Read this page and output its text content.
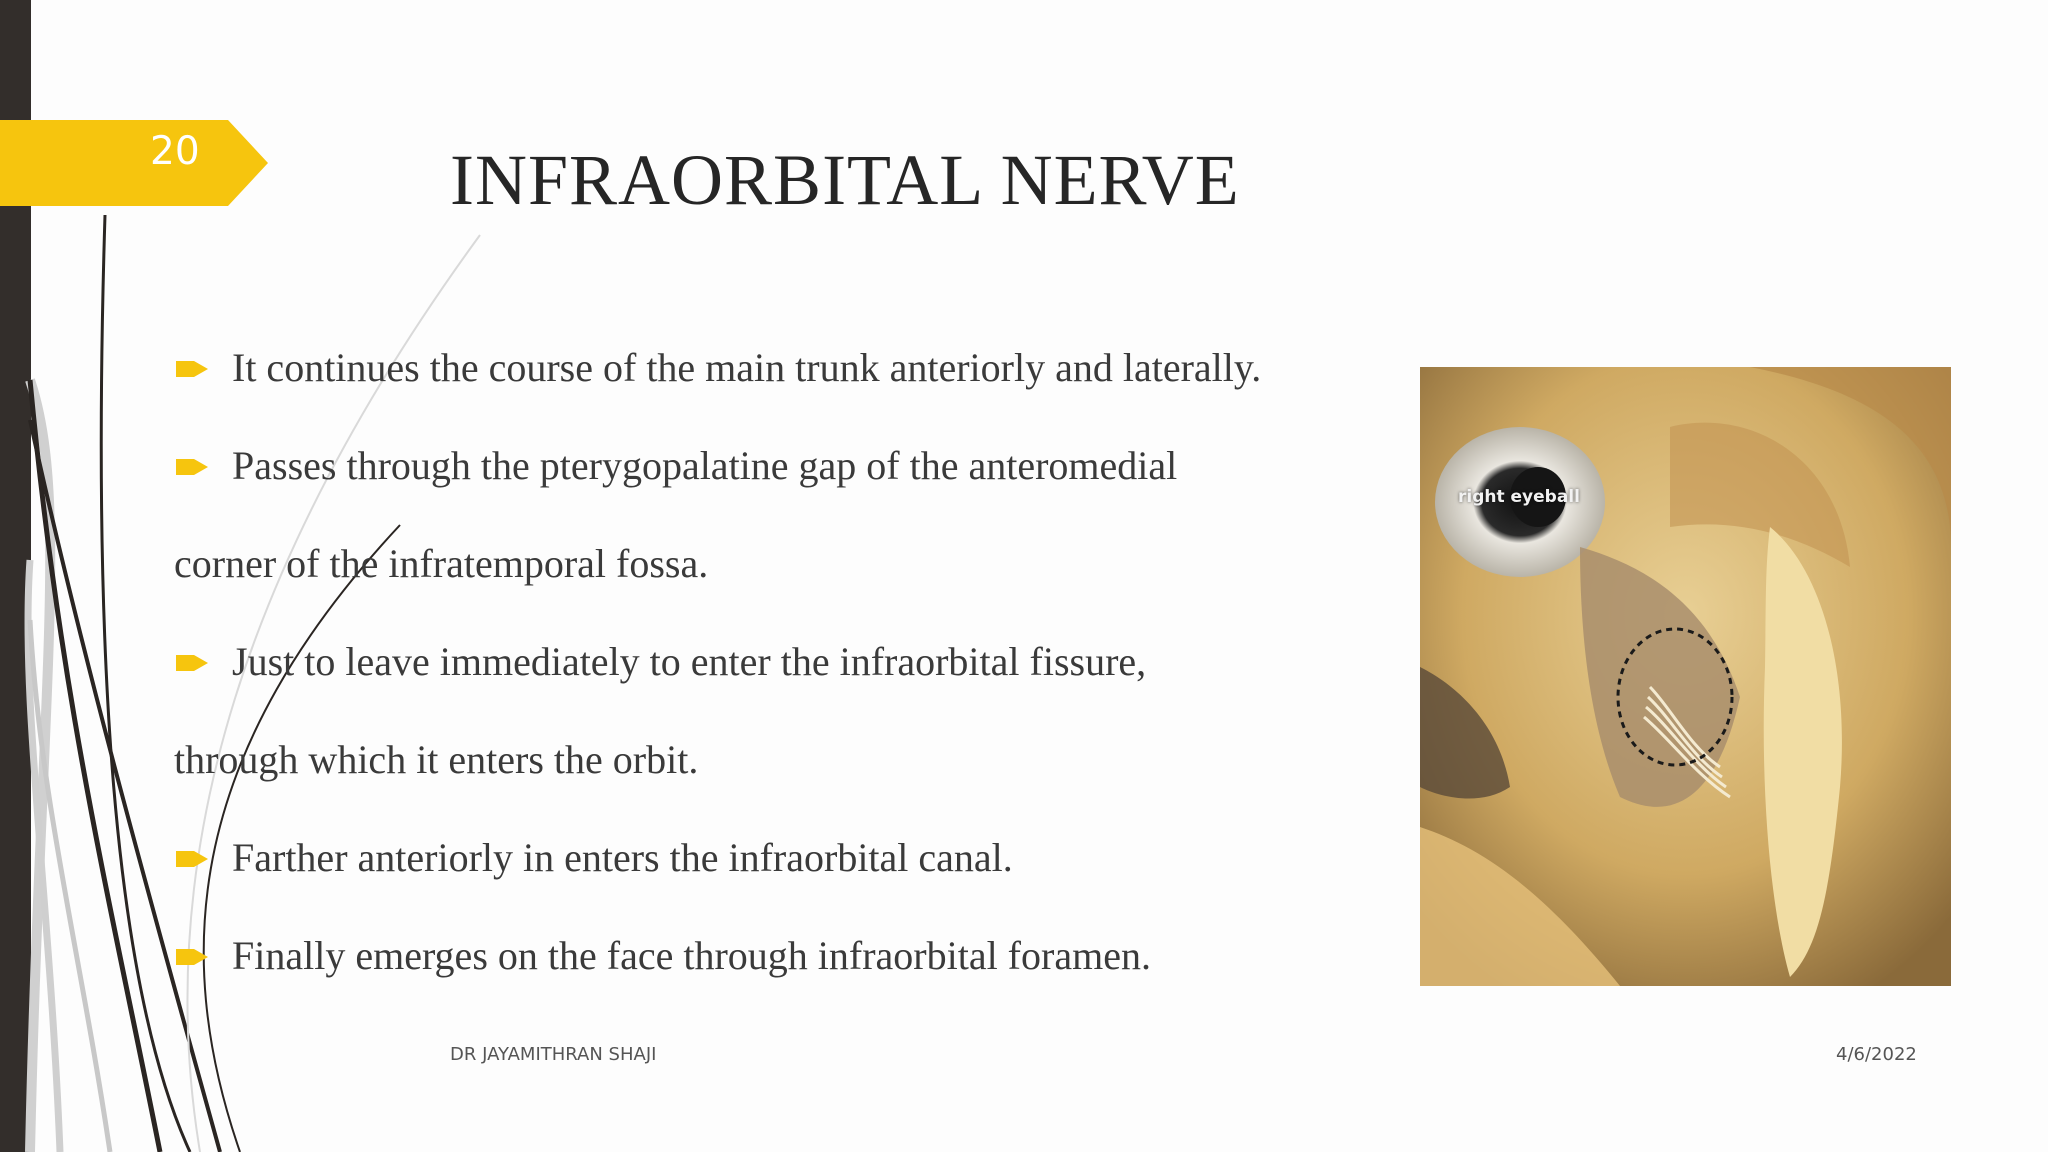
20	INFRAORBITAL NERVE
It continues the course of the main trunk anteriorly and laterally.
Passes through the pterygopalatine gap of the anteromedial
corner of the infratemporal fossa.
Just to leave immediately to enter the infraorbital fissure,
through which it enters the orbit.
Farther anteriorly in enters the infraorbital canal.
Finally emerges on the face through infraorbital foramen.
right eyeball
DR JAYAMITHRAN SHAJI	4/6/2022
